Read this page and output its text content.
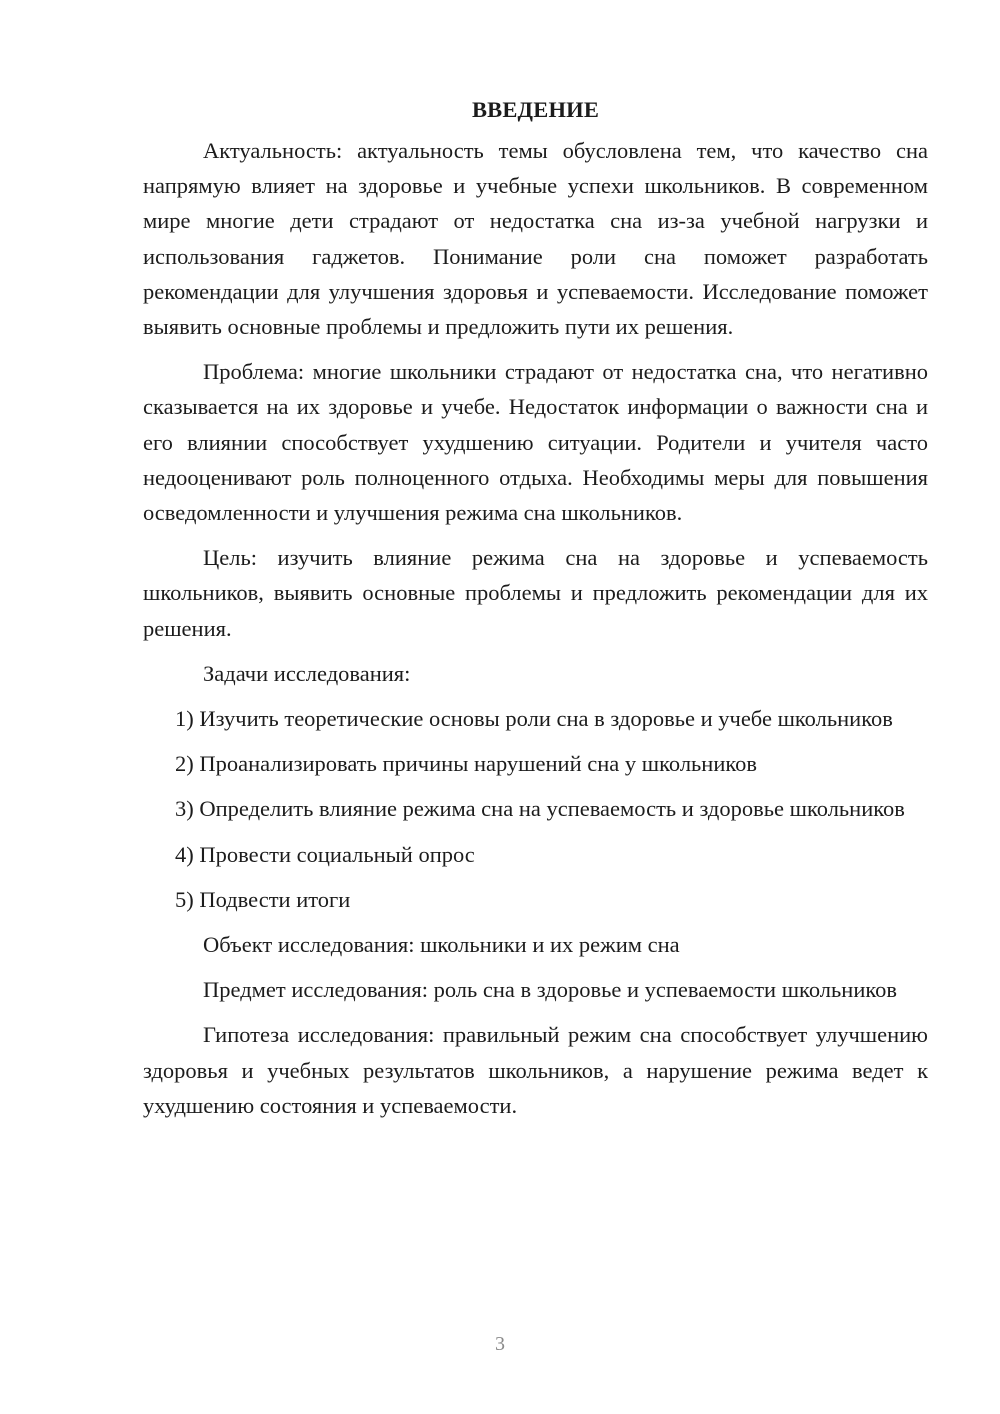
ВВЕДЕНИЕ

Актуальность: актуальность темы обусловлена тем, что качество сна напрямую влияет на здоровье и учебные успехи школьников. В современном мире многие дети страдают от недостатка сна из-за учебной нагрузки и использования гаджетов. Понимание роли сна поможет разработать рекомендации для улучшения здоровья и успеваемости. Исследование поможет выявить основные проблемы и предложить пути их решения.

Проблема: многие школьники страдают от недостатка сна, что негативно сказывается на их здоровье и учебе. Недостаток информации о важности сна и его влиянии способствует ухудшению ситуации. Родители и учителя часто недооценивают роль полноценного отдыха. Необходимы меры для повышения осведомленности и улучшения режима сна школьников.

Цель: изучить влияние режима сна на здоровье и успеваемость школьников, выявить основные проблемы и предложить рекомендации для их решения.

Задачи исследования:

1) Изучить теоретические основы роли сна в здоровье и учебе школьников

2) Проанализировать причины нарушений сна у школьников

3) Определить влияние режима сна на успеваемость и здоровье школьников

4) Провести социальный опрос

5) Подвести итоги

Объект исследования: школьники и их режим сна

Предмет исследования: роль сна в здоровье и успеваемости школьников

Гипотеза исследования: правильный режим сна способствует улучшению здоровья и учебных результатов школьников, а нарушение режима ведет к ухудшению состояния и успеваемости.

3
